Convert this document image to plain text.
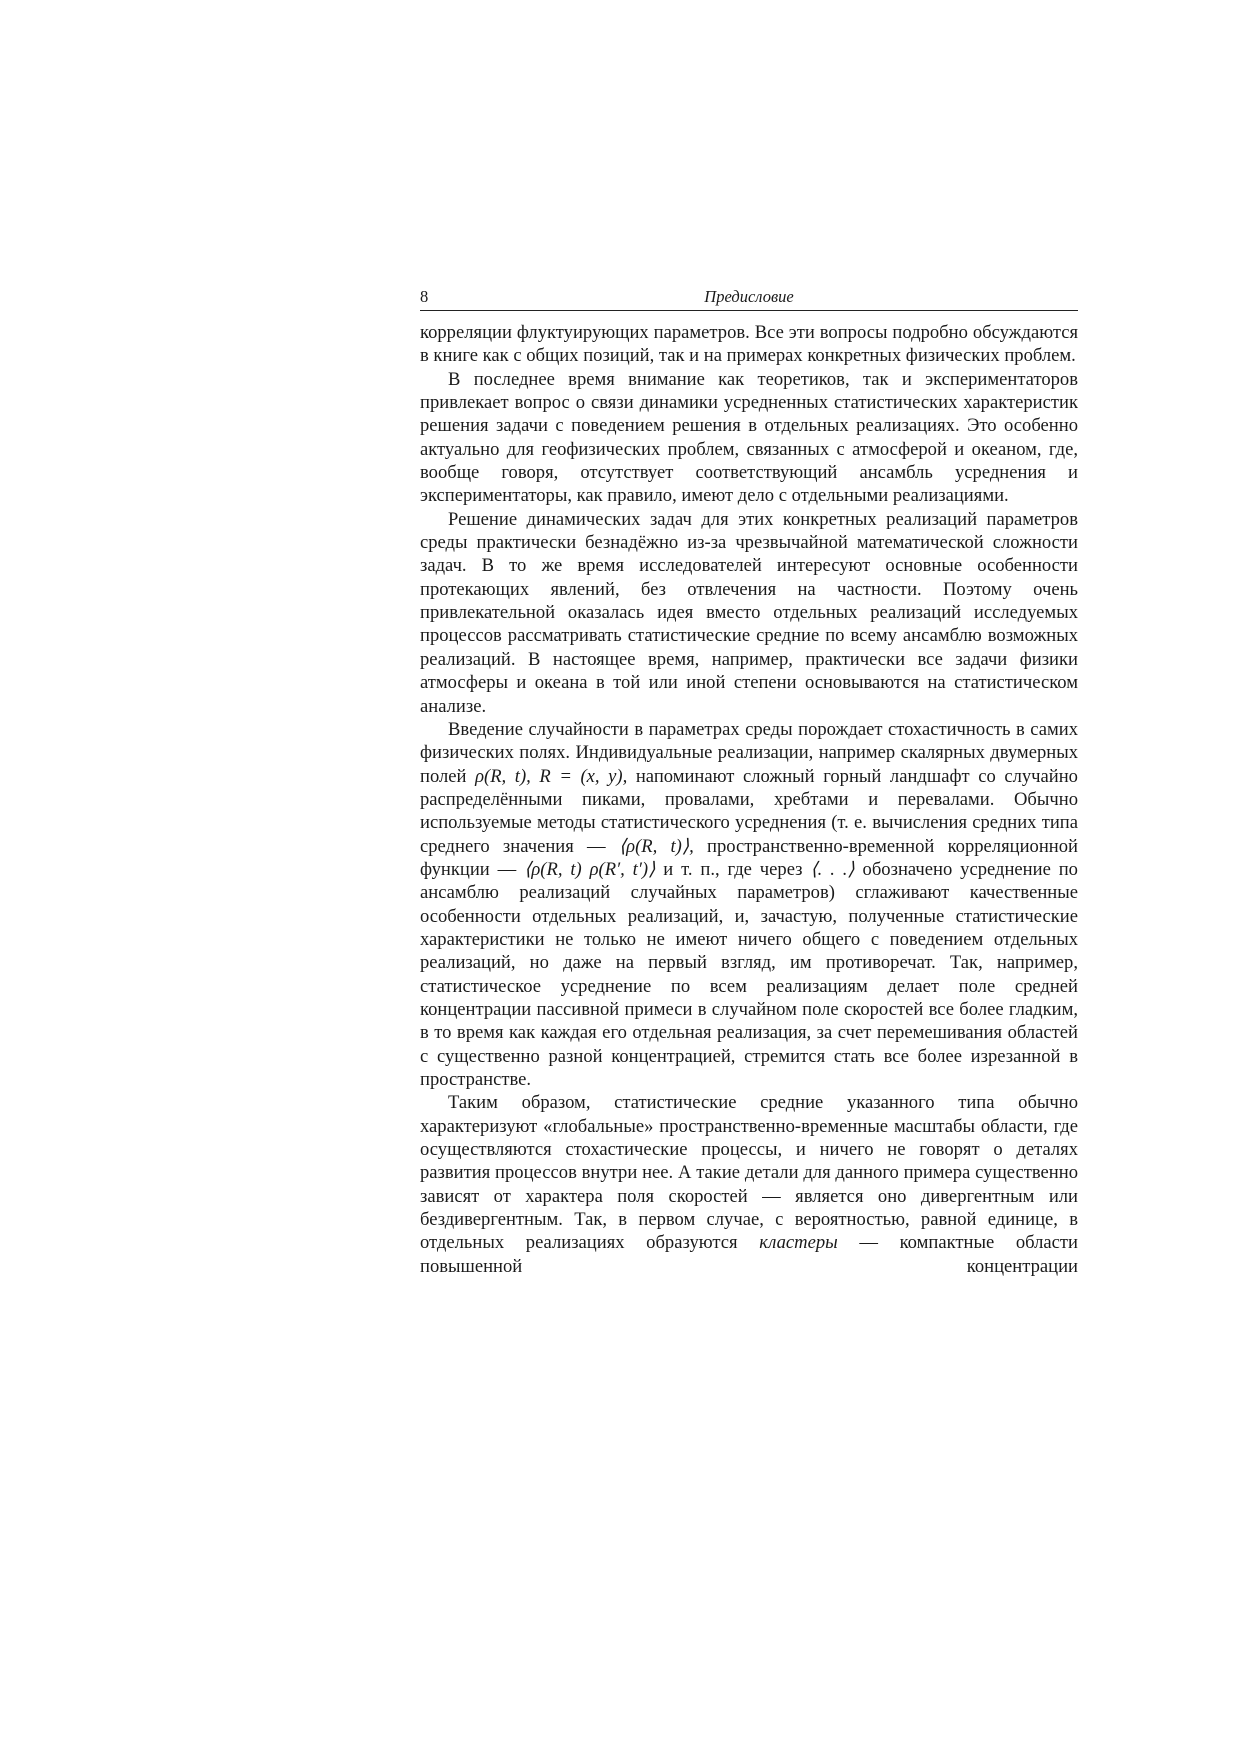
8	Предисловие

корреляции флуктуирующих параметров. Все эти вопросы подробно обсуждаются в книге как с общих позиций, так и на примерах конкретных физических проблем.

В последнее время внимание как теоретиков, так и экспериментаторов привлекает вопрос о связи динамики усредненных статистических характеристик решения задачи с поведением решения в отдельных реализациях. Это особенно актуально для геофизических проблем, связанных с атмосферой и океаном, где, вообще говоря, отсутствует соответствующий ансамбль усреднения и экспериментаторы, как правило, имеют дело с отдельными реализациями.

Решение динамических задач для этих конкретных реализаций параметров среды практически безнадёжно из-за чрезвычайной математической сложности задач. В то же время исследователей интересуют основные особенности протекающих явлений, без отвлечения на частности. Поэтому очень привлекательной оказалась идея вместо отдельных реализаций исследуемых процессов рассматривать статистические средние по всему ансамблю возможных реализаций. В настоящее время, например, практически все задачи физики атмосферы и океана в той или иной степени основываются на статистическом анализе.

Введение случайности в параметрах среды порождает стохастичность в самих физических полях. Индивидуальные реализации, например скалярных двумерных полей ρ(R, t), R = (x, y), напоминают сложный горный ландшафт со случайно распределёнными пиками, провалами, хребтами и перевалами. Обычно используемые методы статистического усреднения (т. е. вычисления средних типа среднего значения — ⟨ρ(R, t)⟩, пространственно-временной корреляционной функции — ⟨ρ(R, t) ρ(R′, t′)⟩ и т. п., где через ⟨. . .⟩ обозначено усреднение по ансамблю реализаций случайных параметров) сглаживают качественные особенности отдельных реализаций, и, зачастую, полученные статистические характеристики не только не имеют ничего общего с поведением отдельных реализаций, но даже на первый взгляд, им противоречат. Так, например, статистическое усреднение по всем реализациям делает поле средней концентрации пассивной примеси в случайном поле скоростей все более гладким, в то время как каждая его отдельная реализация, за счет перемешивания областей с существенно разной концентрацией, стремится стать все более изрезанной в пространстве.

Таким образом, статистические средние указанного типа обычно характеризуют «глобальные» пространственно-временные масштабы области, где осуществляются стохастические процессы, и ничего не говорят о деталях развития процессов внутри нее. А такие детали для данного примера существенно зависят от характера поля скоростей — является оно дивергентным или бездивергентным. Так, в первом случае, с вероятностью, равной единице, в отдельных реализациях образуются кластеры — компактные области повышенной концентрации
